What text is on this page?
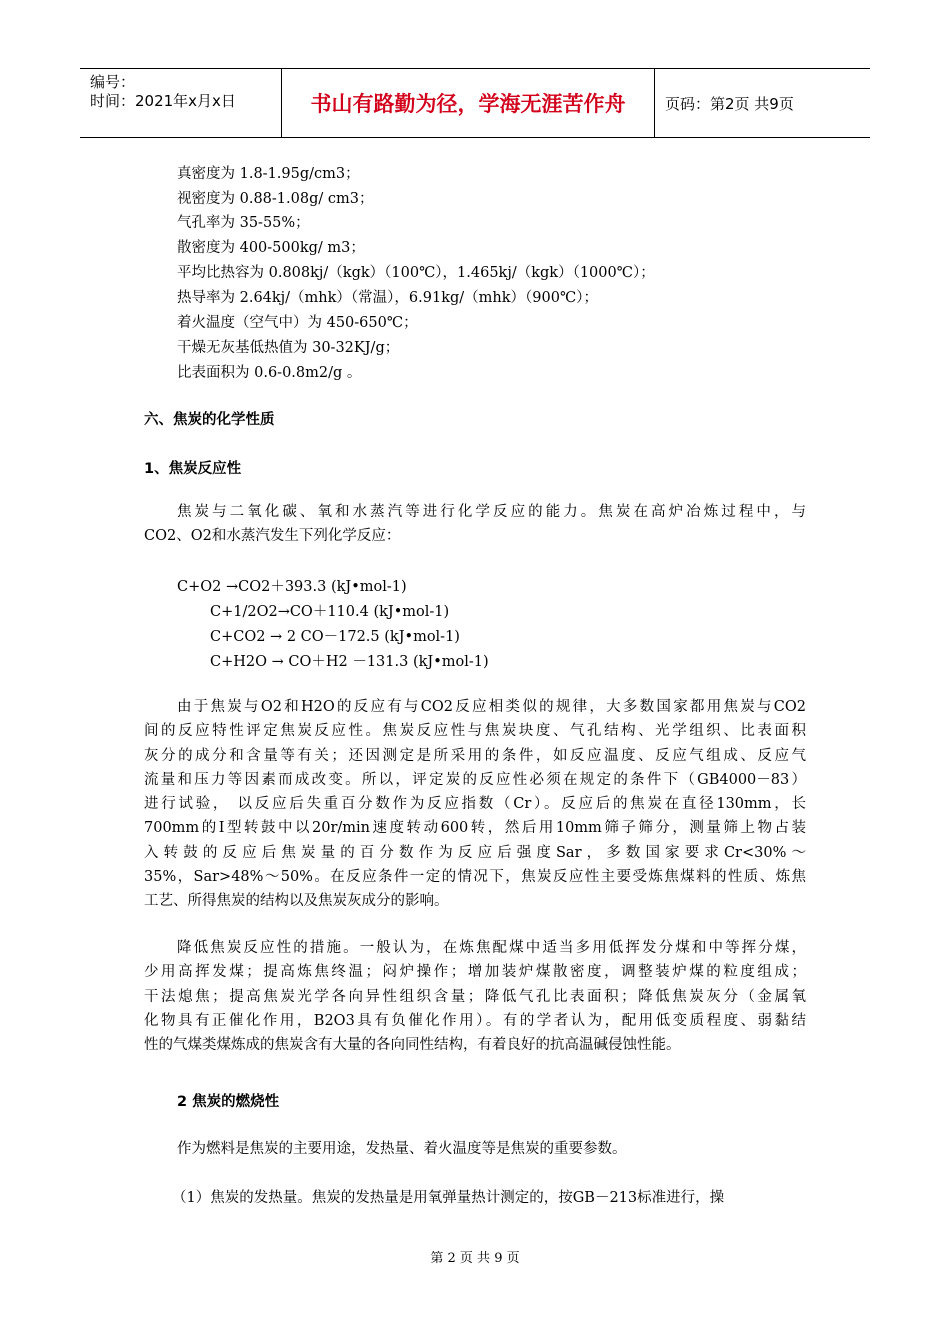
编号：
时间：2021年x月x日	书山有路勤为径，学海无涯苦作舟	页码：第2页 共9页
真密度为 1.8-1.95g/cm3；
视密度为 0.88-1.08g/ cm3；
气孔率为 35-55%；
散密度为 400-500kg/ m3；
平均比热容为 0.808kj/（kgk）（100℃），1.465kj/（kgk）（1000℃）；
热导率为 2.64kj/（mhk）（常温），6.91kg/（mhk）（900℃）；
着火温度（空气中）为 450-650℃；
干燥无灰基低热值为 30-32KJ/g；
比表面积为 0.6-0.8m2/g 。
六、焦炭的化学性质
1、焦炭反应性
焦炭与二氧化碳、氧和水蒸汽等进行化学反应的能力。焦炭在高炉冶炼过程中，与
CO2、O2和水蒸汽发生下列化学反应：
C+O2 →CO2＋393.3 (kJ•mol-1)
C+1/2O2→CO＋110.4 (kJ•mol-1)
C+CO2 → 2 CO－172.5 (kJ•mol-1)
C+H2O → CO＋H2 －131.3 (kJ•mol-1)
由于焦炭与O2和H2O的反应有与CO2反应相类似的规律，大多数国家都用焦炭与CO2
间的反应特性评定焦炭反应性。焦炭反应性与焦炭块度、气孔结构、光学组织、比表面积
灰分的成分和含量等有关；还因测定是所采用的条件，如反应温度、反应气组成、反应气
流量和压力等因素而成改变。所以，评定炭的反应性必须在规定的条件下（GB4000－83）
进行试验， 以反应后失重百分数作为反应指数（Cr）。反应后的焦炭在直径130mm，长
700mm的I型转鼓中以20r/min速度转动600转，然后用10mm筛子筛分，测量筛上物占装
入转鼓的反应后焦炭量的百分数作为反应后强度Sar，多数国家要求Cr<30%～
35%，Sar>48%～50%。在反应条件一定的情况下，焦炭反应性主要受炼焦煤料的性质、炼焦
工艺、所得焦炭的结构以及焦炭灰成分的影响。
降低焦炭反应性的措施。一般认为，在炼焦配煤中适当多用低挥发分煤和中等挥分煤，
少用高挥发煤；提高炼焦终温；闷炉操作；增加装炉煤散密度，调整装炉煤的粒度组成；
干法熄焦；提高焦炭光学各向异性组织含量；降低气孔比表面积；降低焦炭灰分（金属氧
化物具有正催化作用，B2O3具有负催化作用）。有的学者认为，配用低变质程度、弱黏结
性的气煤类煤炼成的焦炭含有大量的各向同性结构，有着良好的抗高温碱侵蚀性能。
2 焦炭的燃烧性
作为燃料是焦炭的主要用途，发热量、着火温度等是焦炭的重要参数。
（1）焦炭的发热量。焦炭的发热量是用氧弹量热计测定的，按GB－213标准进行，操
第 2 页 共 9 页
